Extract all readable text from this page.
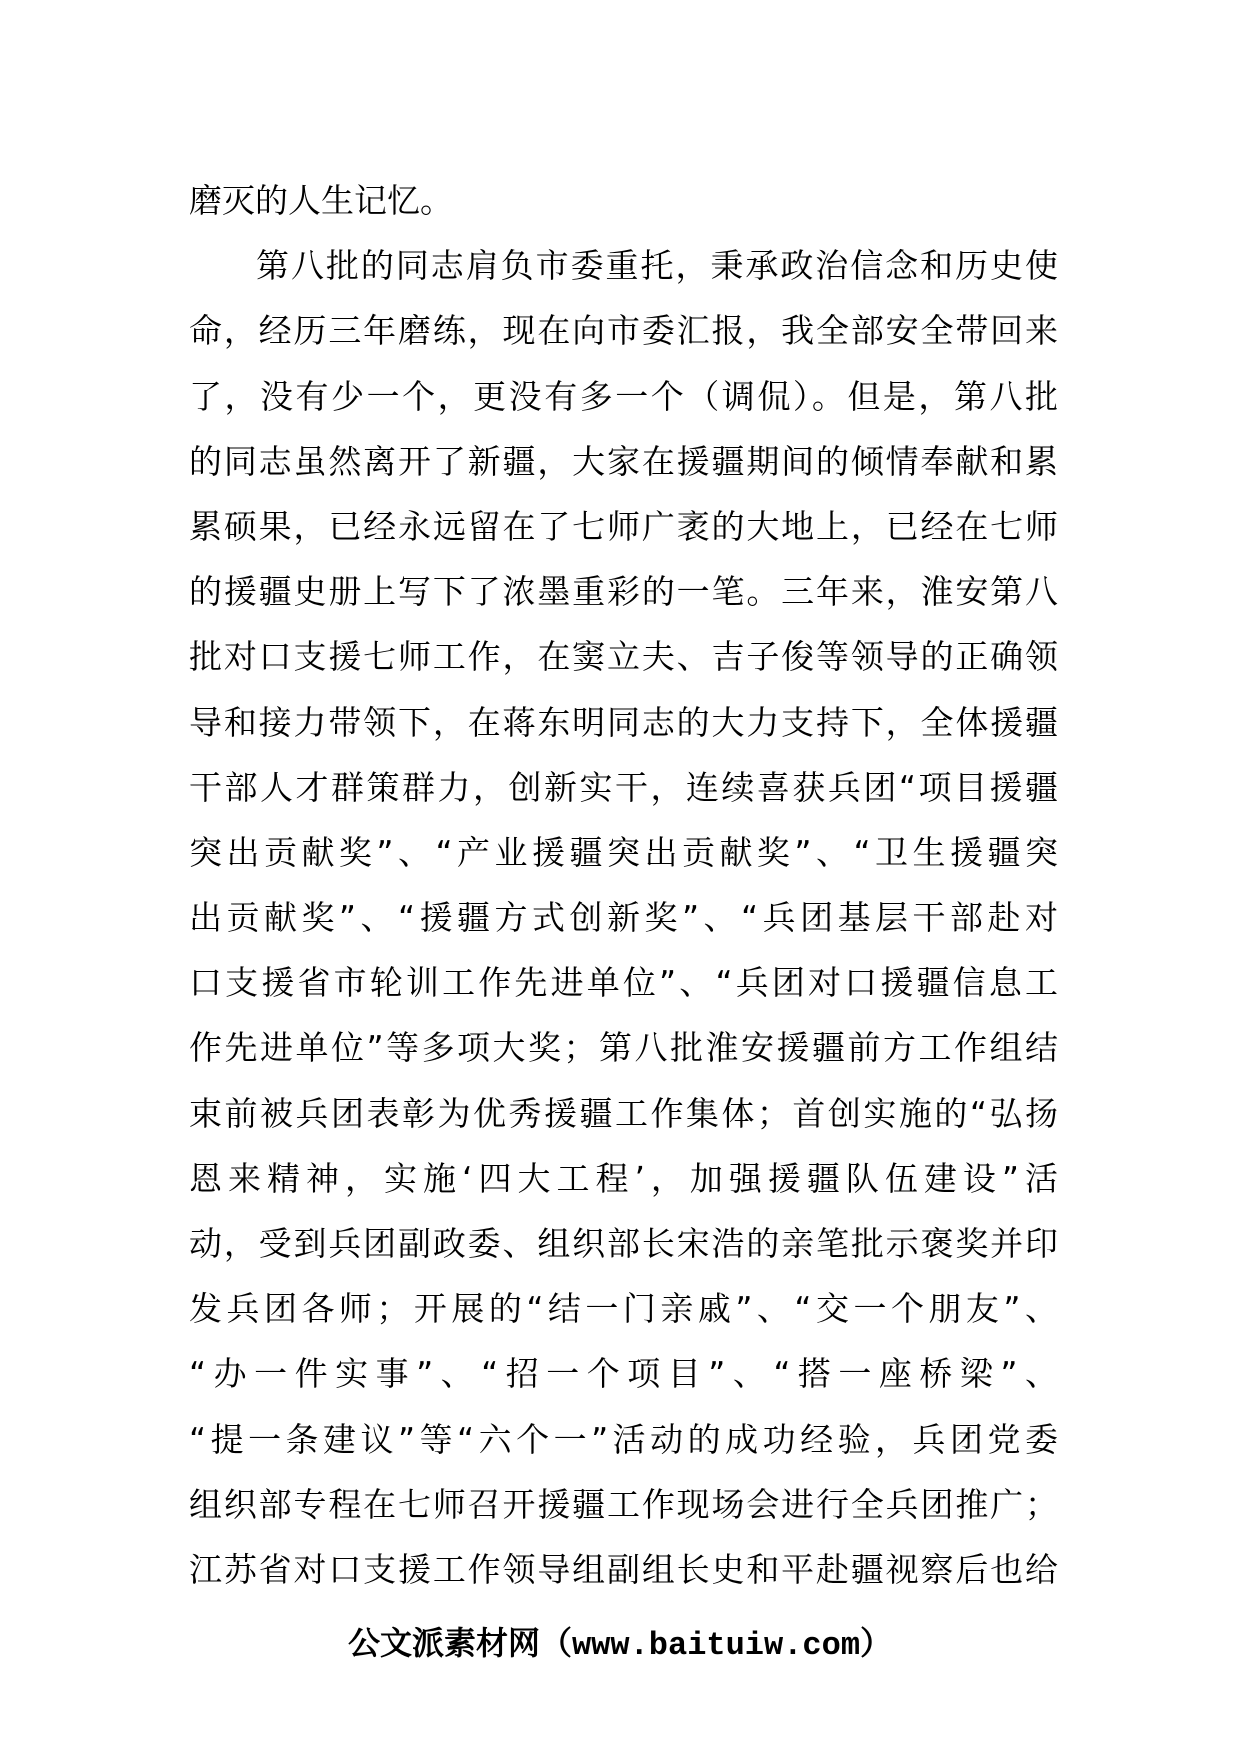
磨灭的人生记忆。
第八批的同志肩负市委重托，秉承政治信念和历史使
命，经历三年磨练，现在向市委汇报，我全部安全带回来
了，没有少一个，更没有多一个（调侃）。但是，第八批
的同志虽然离开了新疆，大家在援疆期间的倾情奉献和累
累硕果，已经永远留在了七师广袤的大地上，已经在七师
的援疆史册上写下了浓墨重彩的一笔。三年来，淮安第八
批对口支援七师工作，在窦立夫、吉子俊等领导的正确领
导和接力带领下，在蒋东明同志的大力支持下，全体援疆
干部人才群策群力，创新实干，连续喜获兵团“项目援疆
突出贡献奖”、“产业援疆突出贡献奖”、“卫生援疆突
出贡献奖”、“援疆方式创新奖”、“兵团基层干部赴对
口支援省市轮训工作先进单位”、“兵团对口援疆信息工
作先进单位”等多项大奖；第八批淮安援疆前方工作组结
束前被兵团表彰为优秀援疆工作集体；首创实施的“弘扬
恩来精神，实施‘四大工程’，加强援疆队伍建设”活
动，受到兵团副政委、组织部长宋浩的亲笔批示褒奖并印
发兵团各师；开展的“结一门亲戚”、“交一个朋友”、
“办一件实事”、“招一个项目”、“搭一座桥梁”、
“提一条建议”等“六个一”活动的成功经验，兵团党委
组织部专程在七师召开援疆工作现场会进行全兵团推广；
江苏省对口支援工作领导组副组长史和平赴疆视察后也给
公文派素材网（www.baituiw.com）
